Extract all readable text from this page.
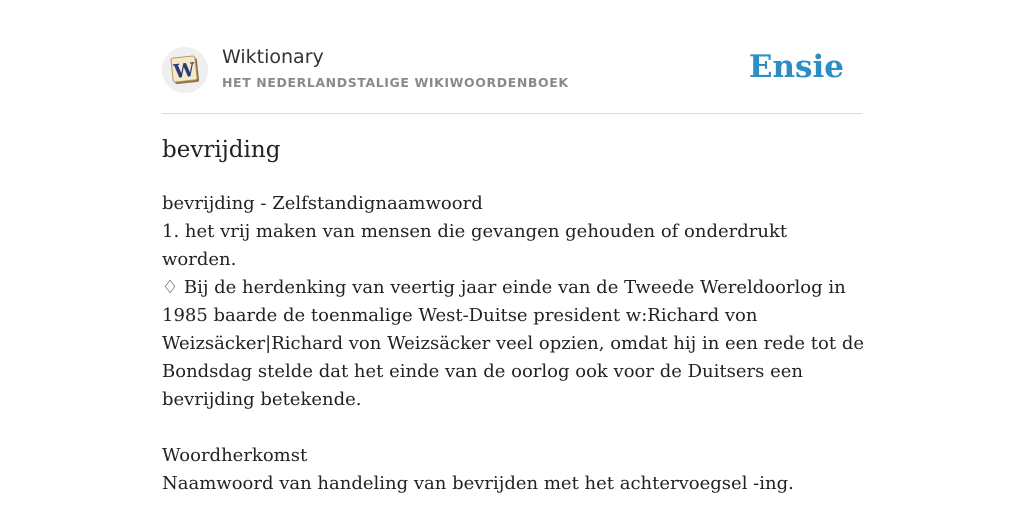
W
Wiktionary
HET NEDERLANDSTALIGE WIKIWOORDENBOEK	Ensie
bevrijding

bevrijding - Zelfstandignaamwoord

1. het vrij maken van mensen die gevangen gehouden of onderdrukt worden.

♢ Bij de herdenking van veertig jaar einde van de Tweede Wereldoorlog in 1985 baarde de toenmalige West-Duitse president w:Richard von Weizsäcker|Richard von Weizsäcker veel opzien, omdat hij in een rede tot de Bondsdag stelde dat het einde van de oorlog ook voor de Duitsers een bevrijding betekende.

Woordherkomst

Naamwoord van handeling van bevrijden met het achtervoegsel -ing.
